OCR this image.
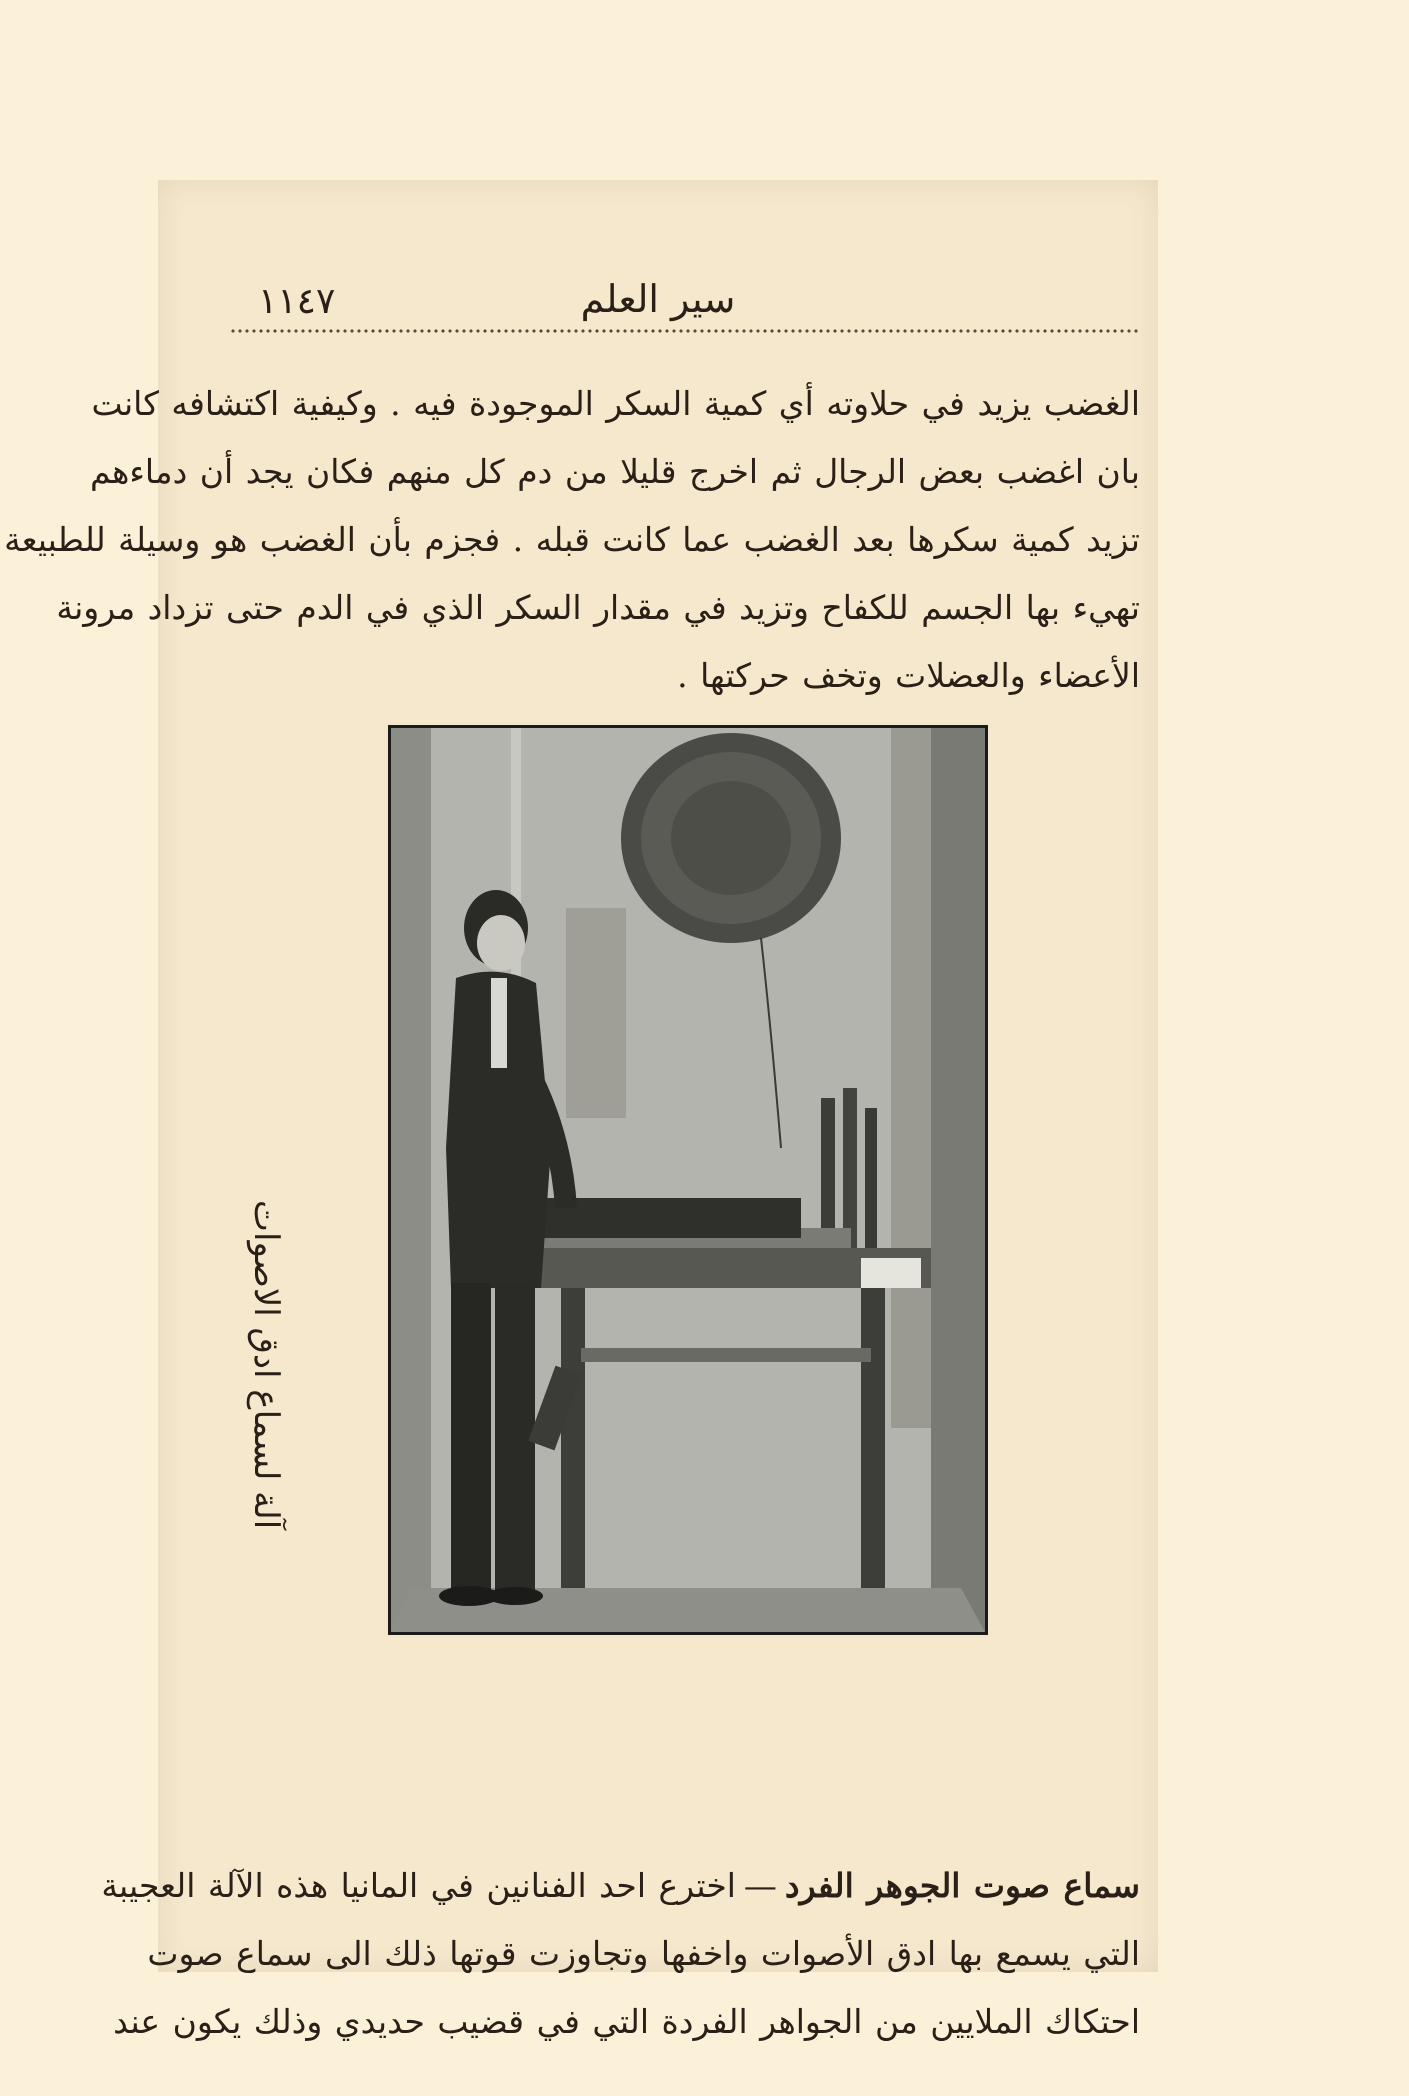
١١٤٧	سير العلم
الغضب يزيد في حلاوته أي كمية السكر الموجودة فيه . وكيفية اكتشافه كانت
بان اغضب بعض الرجال ثم اخرج قليلا من دم كل منهم فكان يجد أن دماءهم
تزيد كمية سكرها بعد الغضب عما كانت قبله . فجزم بأن الغضب هو وسيلة للطبيعة
تهيء بها الجسم للكفاح وتزيد في مقدار السكر الذي في الدم حتى تزداد مرونة
الأعضاء والعضلات وتخف حركتها .
آلة لسماع ادق الاصوات
سماع صوت الجوهر الفرد—اخترع احد الفنانين في المانيا هذه الآلة العجيبة
التي يسمع بها ادق الأصوات واخفها وتجاوزت قوتها ذلك الى سماع صوت
احتكاك الملايين من الجواهر الفردة التي في قضيب حديدي وذلك يكون عند
